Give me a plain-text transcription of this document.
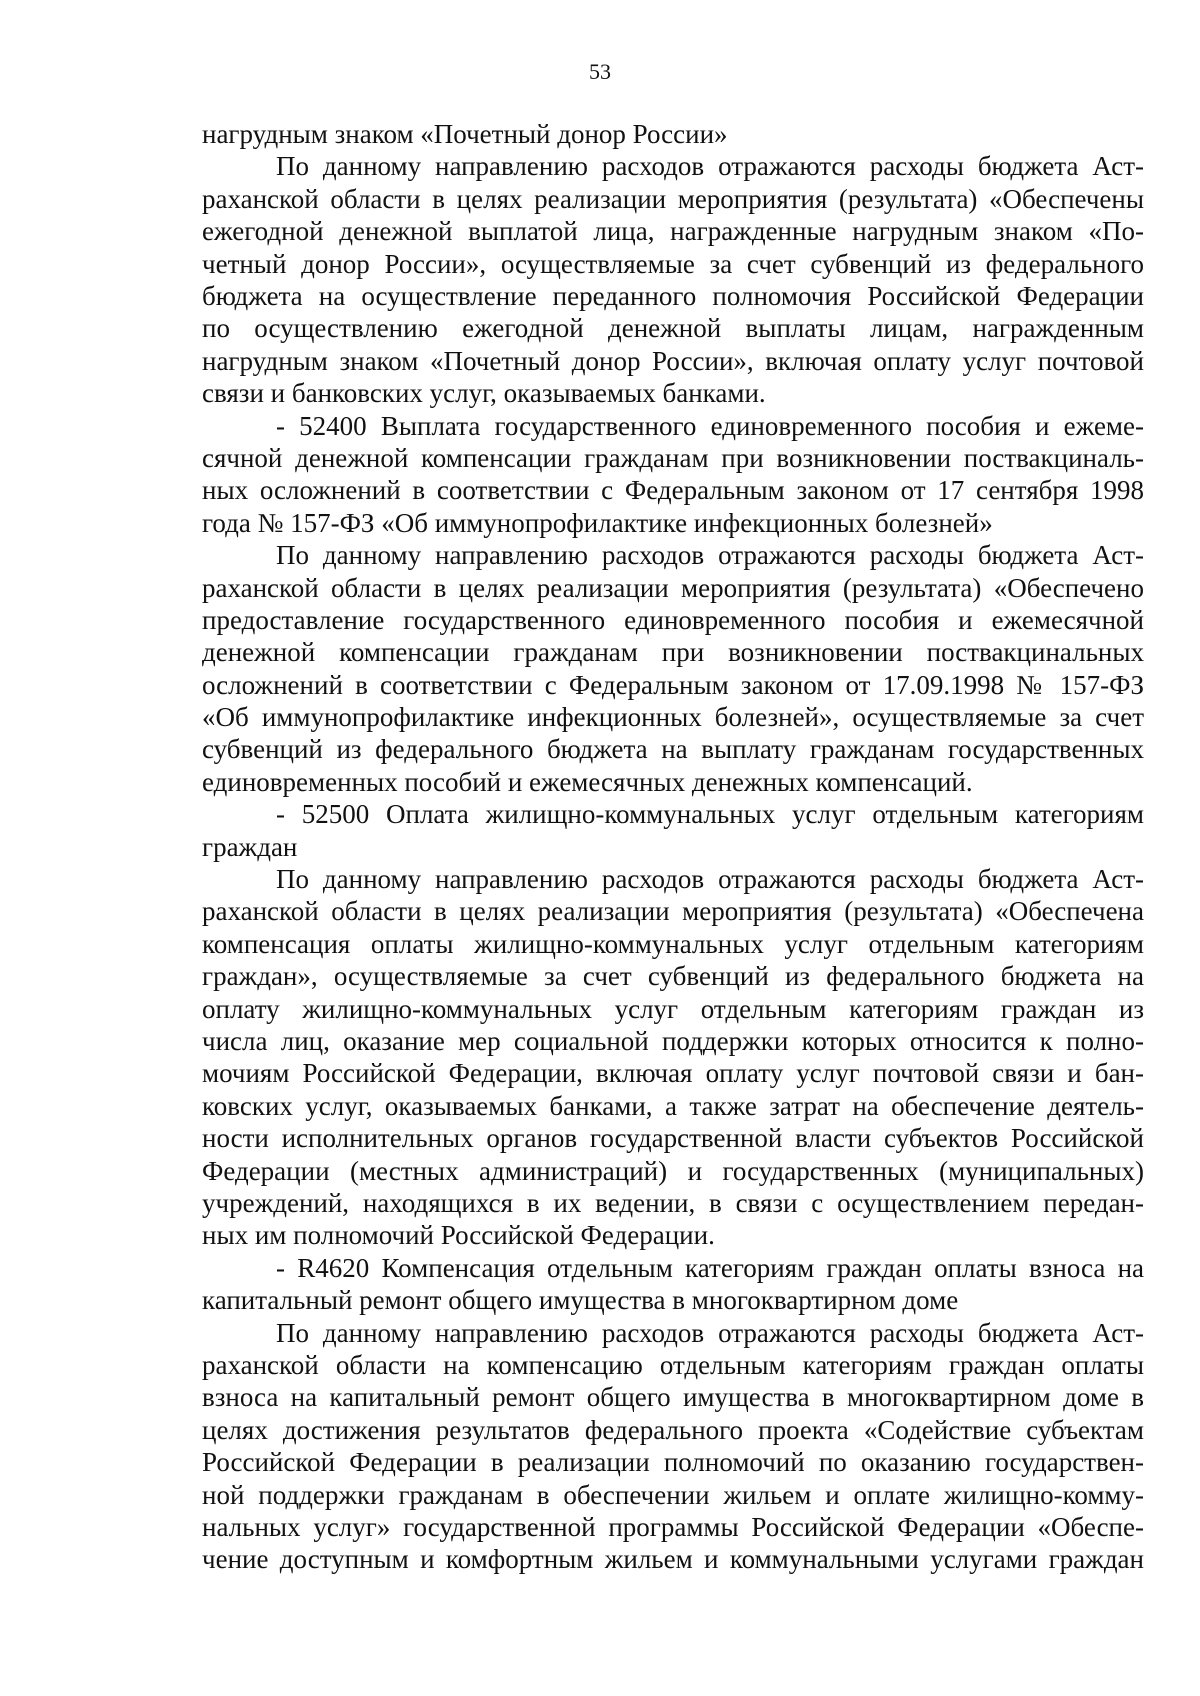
53
нагрудным знаком «Почетный донор России»
По данному направлению расходов отражаются расходы бюджета Аст-
раханской области в целях реализации мероприятия (результата) «Обеспечены
ежегодной денежной выплатой лица, награжденные нагрудным знаком «По-
четный донор России», осуществляемые за счет субвенций из федерального
бюджета на осуществление переданного полномочия Российской Федерации
по осуществлению ежегодной денежной выплаты лицам, награжденным
нагрудным знаком «Почетный донор России», включая оплату услуг почтовой
связи и банковских услуг, оказываемых банками.
- 52400 Выплата государственного единовременного пособия и ежеме-
сячной денежной компенсации гражданам при возникновении поствакциналь-
ных осложнений в соответствии с Федеральным законом от 17 сентября 1998
года № 157-ФЗ «Об иммунопрофилактике инфекционных болезней»
По данному направлению расходов отражаются расходы бюджета Аст-
раханской области в целях реализации мероприятия (результата) «Обеспечено
предоставление государственного единовременного пособия и ежемесячной
денежной компенсации гражданам при возникновении поствакцинальных
осложнений в соответствии с Федеральным законом от 17.09.1998 № 157-ФЗ
«Об иммунопрофилактике инфекционных болезней», осуществляемые за счет
субвенций из федерального бюджета на выплату гражданам государственных
единовременных пособий и ежемесячных денежных компенсаций.
- 52500 Оплата жилищно-коммунальных услуг отдельным категориям
граждан
По данному направлению расходов отражаются расходы бюджета Аст-
раханской области в целях реализации мероприятия (результата) «Обеспечена
компенсация оплаты жилищно-коммунальных услуг отдельным категориям
граждан», осуществляемые за счет субвенций из федерального бюджета на
оплату жилищно-коммунальных услуг отдельным категориям граждан из
числа лиц, оказание мер социальной поддержки которых относится к полно-
мочиям Российской Федерации, включая оплату услуг почтовой связи и бан-
ковских услуг, оказываемых банками, а также затрат на обеспечение деятель-
ности исполнительных органов государственной власти субъектов Российской
Федерации (местных администраций) и государственных (муниципальных)
учреждений, находящихся в их ведении, в связи с осуществлением передан-
ных им полномочий Российской Федерации.
- R4620 Компенсация отдельным категориям граждан оплаты взноса на
капитальный ремонт общего имущества в многоквартирном доме
По данному направлению расходов отражаются расходы бюджета Аст-
раханской области на компенсацию отдельным категориям граждан оплаты
взноса на капитальный ремонт общего имущества в многоквартирном доме в
целях достижения результатов федерального проекта «Содействие субъектам
Российской Федерации в реализации полномочий по оказанию государствен-
ной поддержки гражданам в обеспечении жильем и оплате жилищно-комму-
нальных услуг» государственной программы Российской Федерации «Обеспе-
чение доступным и комфортным жильем и коммунальными услугами граждан
